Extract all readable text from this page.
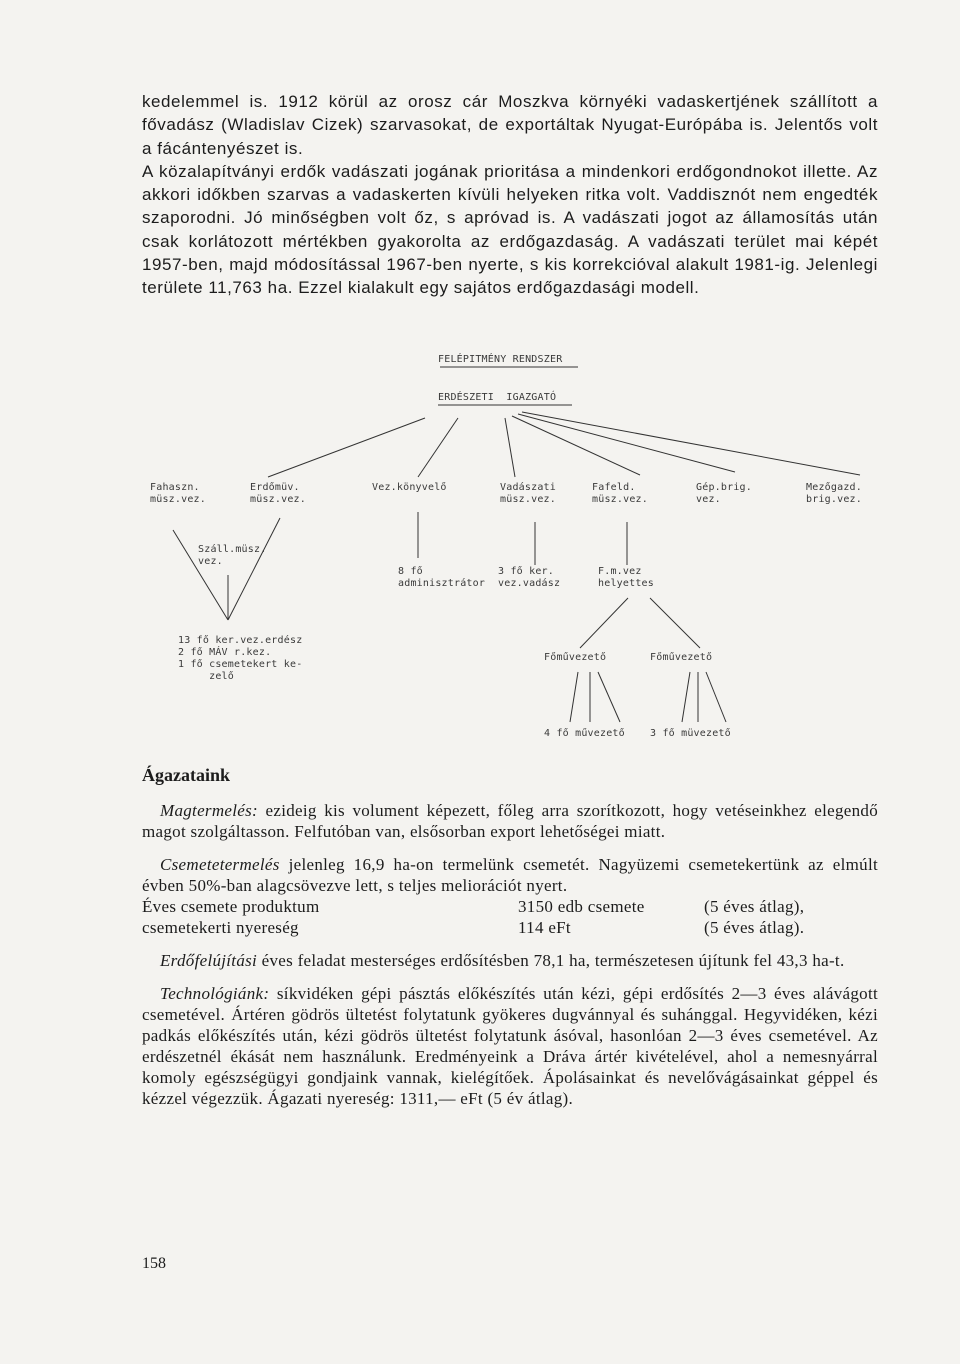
kedelemmel is. 1912 körül az orosz cár Moszkva környéki vadaskertjének szállított a fővadász (Wladislav Cizek) szarvasokat, de exportáltak Nyugat-Európába is. Jelentős volt a fácántenyészet is.

A közalapítványi erdők vadászati jogának prioritása a mindenkori erdőgondnokot illette. Az akkori időkben szarvas a vadaskerten kívüli helyeken ritka volt. Vaddisznót nem engedték szaporodni. Jó minőségben volt őz, s apróvad is. A vadászati jogot az államosítás után csak korlátozott mértékben gyakorolta az erdőgazdaság. A vadászati terület mai képét 1957-ben, majd módosítással 1967-ben nyerte, s kis korrekcióval alakult 1981-ig. Jelenlegi területe 11,763 ha. Ezzel kialakult egy sajátos erdőgazdasági modell.

FELÉPITMÉNY RENDSZER
ERDÉSZETI  IGAZGATÓ
Fahaszn.
müsz.vez.
Erdőmüv.
müsz.vez.
Vez.könyvelő	Vadászati
müsz.vez.
Fafeld.
müsz.vez.
Gép.brig.
vez.
Mezőgazd.
brig.vez.
Száll.müsz.
vez.
8 fő
adminisztrátor
3 fő ker.
vez.vadász
F.m.vez
helyettes
13 fő ker.vez.erdész
2 fő MÁV r.kez.
1 fő csemetekert ke-
zelő
Főművezető	Főművezető
4 fő művezető	3 fő müvezető
Ágazataink

Magtermelés: ezideig kis volument képezett, főleg arra szorítkozott, hogy vetéseinkhez elegendő magot szolgáltasson. Felfutóban van, elsősorban export lehetőségei miatt.

Csemetetermelés jelenleg 16,9 ha-on termelünk csemetét. Nagyüzemi csemetekertünk az elmúlt évben 50%-ban alagcsövezve lett, s teljes meliorációt nyert.

Éves csemete produktum	3150 edb csemete	(5 éves átlag),
csemetekerti nyereség	114 eFt	(5 éves átlag).

Erdőfelújítási éves feladat mesterséges erdősítésben 78,1 ha, természetesen újítunk fel 43,3 ha-t.

Technológiánk: síkvidéken gépi pásztás előkészítés után kézi, gépi erdősítés 2—3 éves alávágott csemetével. Ártéren gödrös ültetést folytatunk gyökeres dugvánnyal és suhánggal. Hegyvidéken, kézi padkás előkészítés után, kézi gödrös ültetést folytatunk ásóval, hasonlóan 2—3 éves csemetével. Az erdészetnél ékását nem használunk. Eredményeink a Dráva ártér kivételével, ahol a nemesnyárral komoly egészségügyi gondjaink vannak, kielégítőek. Ápolásainkat és nevelővágásainkat géppel és kézzel végezzük. Ágazati nyereség: 1311,— eFt (5 év átlag).

158
